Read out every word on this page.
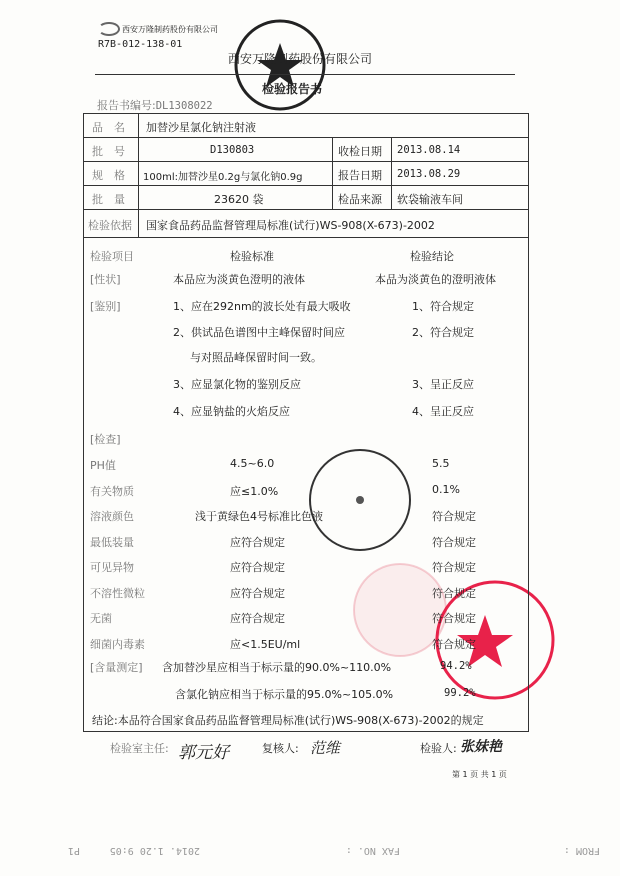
西安万隆制药股份有限公司
R7B-012-138-01
西安万隆制药股份有限公司
检验报告书
报告书编号:DL1308022
品　名 加替沙星氯化钠注射液
批　号	D130803	收检日期 2013.08.14
规　格 100ml:加替沙星0.2g与氯化钠0.9g	报告日期 2013.08.29
批　量	23620 袋	检品来源 软袋输液车间
检验依据 国家食品药品监督管理局标准(试行)WS-908(X-673)-2002
检验项目	检验标准	检验结论
[性状]	本品应为淡黄色澄明的液体	本品为淡黄色的澄明液体
[鉴别]	1、应在292nm的波长处有最大吸收	1、符合规定
2、供试品色谱图中主峰保留时间应	2、符合规定
与对照品峰保留时间一致。
3、应显氯化物的鉴别反应	3、呈正反应
4、应显钠盐的火焰反应	4、呈正反应
[检查]
PH值	4.5~6.0	5.5
有关物质	应≤1.0%	0.1%
溶液颜色	浅于黄绿色4号标准比色液	符合规定
最低装量	应符合规定	符合规定
可见异物	应符合规定	符合规定
不溶性微粒	应符合规定	符合规定
无菌	应符合规定	符合规定
细菌内毒素	应<1.5EU/ml	符合规定
[含量测定] 含加替沙星应相当于标示量的90.0%~110.0%	94.2%
含氯化钠应相当于标示量的95.0%~105.0%	99.2%
结论:本品符合国家食品药品监督管理局标准(试行)WS-908(X-673)-2002的规定
检验室主任: 郭元好	复核人: 范维	检验人: 张妹艳
第 1 页 共 1 页
FROM :
FAX NO. :
2014. 1.20 9:05
P1
